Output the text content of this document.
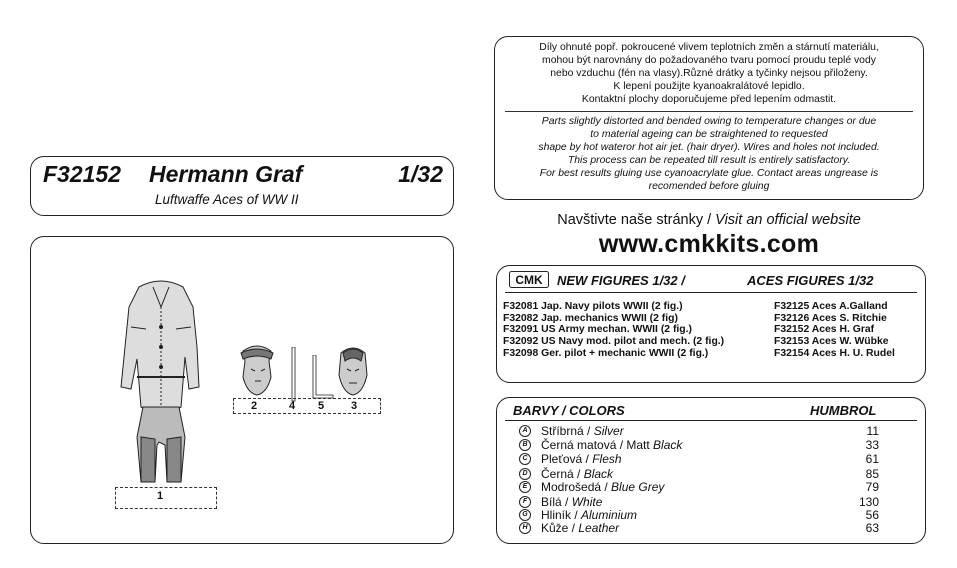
F32152 Hermann Graf	1/32
Luftwaffe Aces of WW II
1
2	4 5 3
Díly ohnuté popř. pokroucené vlivem teplotních změn a stárnutí materiálu,
mohou být narovnány do požadovaného tvaru pomocí proudu teplé vody
nebo vzduchu (fén na vlasy).Různé drátky a tyčinky nejsou přiloženy.
K lepení použijte kyanoakralátové lepidlo.
Kontaktní plochy doporučujeme před lepením odmastit.
Parts slightly distorted and bended owing to temperature changes or due
to material ageing can be straightened to requested
shape by hot wateror hot air jet. (hair dryer). Wires and holes not included.
This process can be repeated till result is entirely satisfactory.
For best results gluing use cyanoacrylate glue. Contact areas ungrease is
recomended before gluing
Navštivte naše stránky / Visit an official website
www.cmkkits.com
CMK NEW FIGURES 1/32 /	ACES FIGURES 1/32
F32081 Jap. Navy pilots WWII (2 fig.)
F32082 Jap. mechanics WWII (2 fig)
F32091 US Army mechan. WWII (2 fig.)
F32092 US Navy mod. pilot and mech. (2 fig.)
F32098 Ger. pilot + mechanic WWII (2 fig.)
F32125 Aces A.Galland
F32126 Aces S. Ritchie
F32152 Aces H. Graf
F32153 Aces W. Wübke
F32154 Aces H. U. Rudel
BARVY / COLORS	HUMBROL
A Stříbrná / Silver	11
B Černá matová / Matt Black	33
C Pleťová / Flesh	61
D Černá / Black	85
E	Modrošedá / Blue Grey	79
F	Bílá / White	130
G Hliník / Aluminium	56
H Kůže / Leather	63
